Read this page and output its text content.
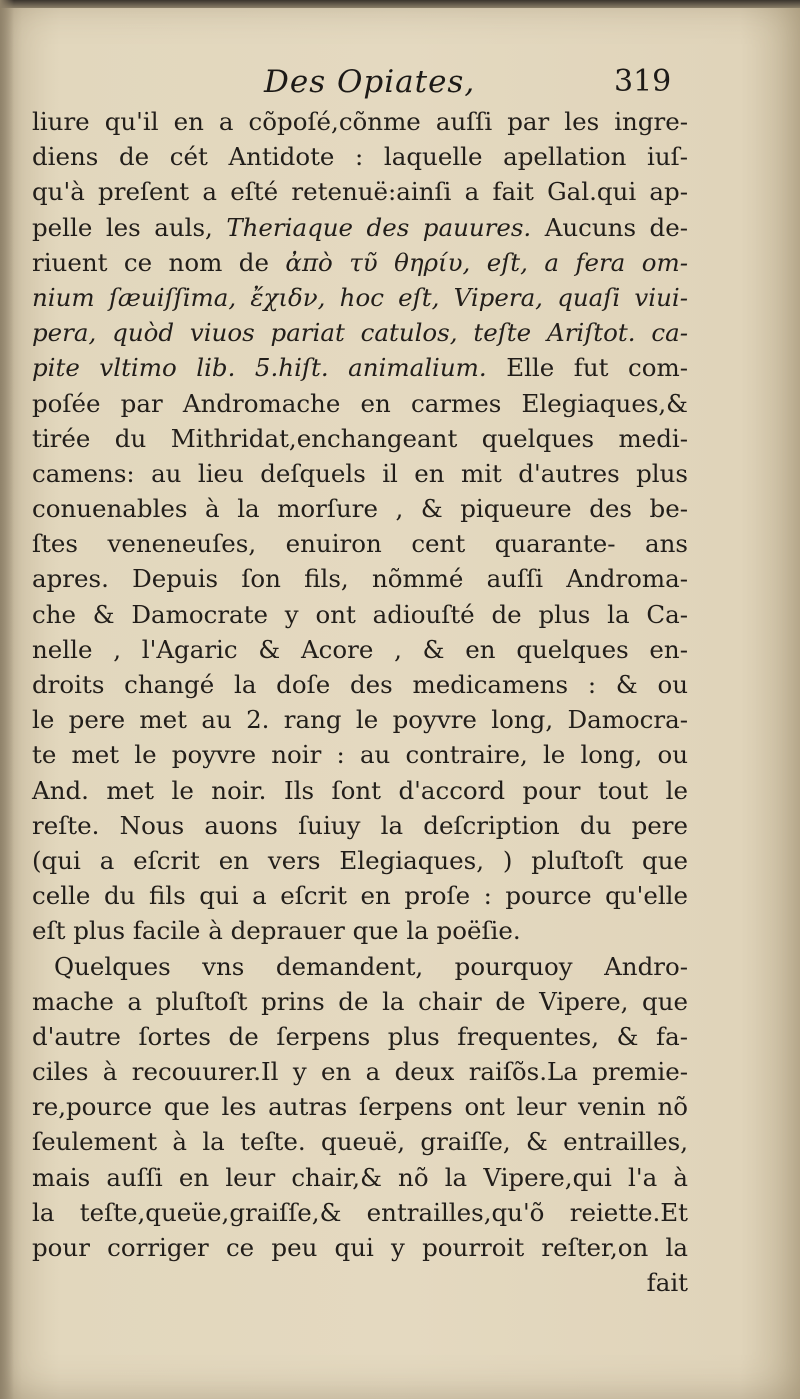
Des Opiates,	319
liure qu'il en a cõpoſé,cõnme auſſi par les ingre-
diens de cét Antidote : laquelle apellation iuſ-
qu'à preſent a eſté retenuë:ainſi a fait Gal.qui ap-
pelle les auls, Theriaque des pauures. Aucuns de-
riuent ce nom de ἀπὸ τῦ θηρίυ, eſt, a fera om-
nium ſæuiſſima, ἔχιδν, hoc eſt, Vipera, quaſi viui-
pera, quòd viuos pariat catulos, teſte Ariſtot. ca-
pite vltimo lib. 5.hiſt. animalium. Elle fut com-
poſée par Andromache en carmes Elegiaques,&
tirée du Mithridat,enchangeant quelques medi-
camens: au lieu deſquels il en mit d'autres plus
conuenables à la morſure , & piqueure des be-
ſtes veneneuſes, enuiron cent quarante- ans
apres. Depuis ſon fils, nõmmé auſſi Androma-
che & Damocrate y ont adiouſté de plus la Ca-
nelle , l'Agaric & Acore , & en quelques en-
droits changé la doſe des medicamens : & ou
le pere met au 2. rang le poyvre long, Damocra-
te met le poyvre noir : au contraire, le long, ou
And. met le noir. Ils ſont d'accord pour tout le
reſte. Nous auons ſuiuy la deſcription du pere
(qui a eſcrit en vers Elegiaques, ) pluſtoſt que
celle du fils qui a eſcrit en proſe : pource qu'elle
eſt plus facile à deprauer que la poëſie.
Quelques vns demandent, pourquoy Andro-
mache a pluſtoſt prins de la chair de Vipere, que
d'autre ſortes de ſerpens plus frequentes, & fa-
ciles à recouurer.Il y en a deux raiſõs.La premie-
re,pource que les autras ſerpens ont leur venin nõ
ſeulement à la teſte. queuë, graiſſe, & entrailles,
mais auſſi en leur chair,& nõ la Vipere,qui l'a à
la teſte,queüe,graiſſe,& entrailles,qu'õ reiette.Et
pour corriger ce peu qui y pourroit reſter,on la
fait
